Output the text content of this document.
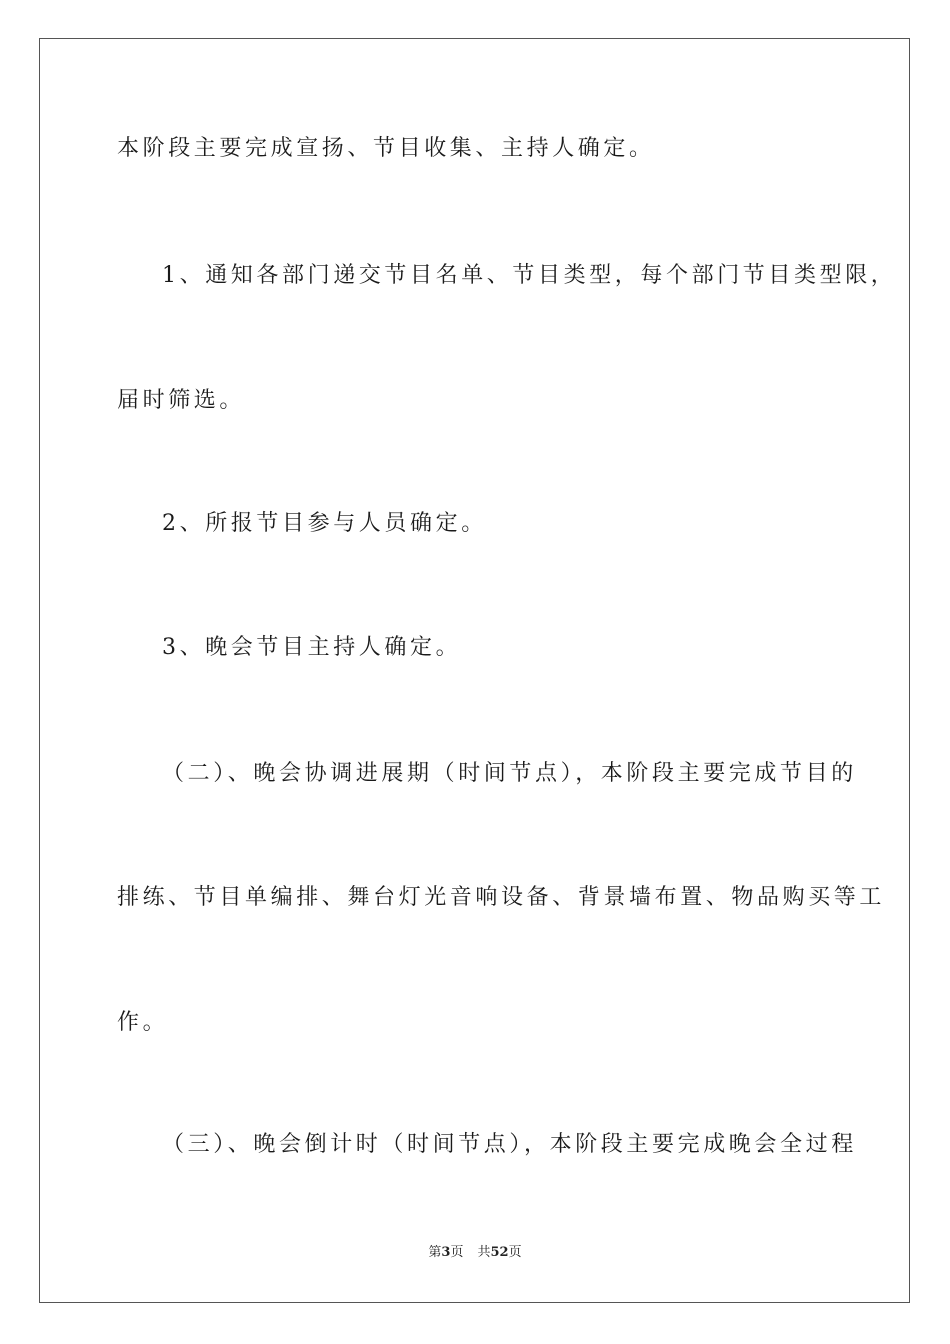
本阶段主要完成宣扬、节目收集、主持人确定。
1、通知各部门递交节目名单、节目类型，每个部门节目类型限，
届时筛选。
2、所报节目参与人员确定。
3、晚会节目主持人确定。
（二）、晚会协调进展期（时间节点），本阶段主要完成节目的
排练、节目单编排、舞台灯光音响设备、背景墙布置、物品购买等工
作。
（三）、晚会倒计时（时间节点），本阶段主要完成晚会全过程
第3页 共52页
